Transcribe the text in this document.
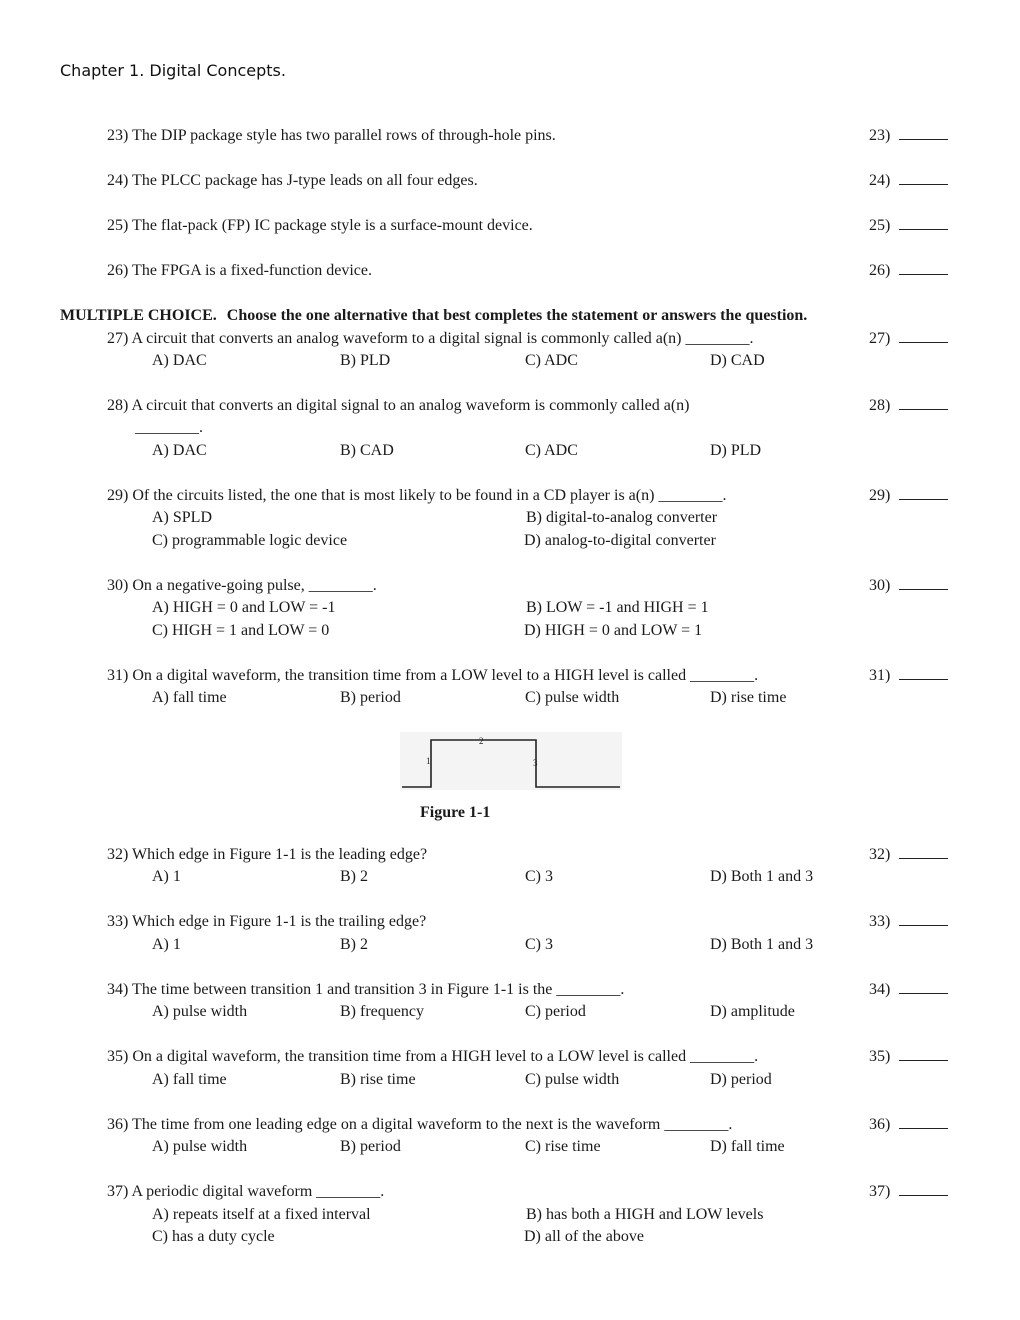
Chapter 1. Digital Concepts.
23) The DIP package style has two parallel rows of through-hole pins.	23)
24) The PLCC package has J-type leads on all four edges.	24)
25) The flat-pack (FP) IC package style is a surface-mount device.	25)
26) The FPGA is a fixed-function device.	26)
MULTIPLE CHOICE. Choose the one alternative that best completes the statement or answers the question.
27) A circuit that converts an analog waveform to a digital signal is commonly called a(n) ________.	27)
A) DAC	B) PLD	C) ADC	D) CAD
28) A circuit that converts an digital signal to an analog waveform is commonly called a(n)
________.
28)
A) DAC	B) CAD	C) ADC	D) PLD
29) Of the circuits listed, the one that is most likely to be found in a CD player is a(n) ________.	29)
A) SPLD	B) digital-to-analog converter
C) programmable logic device	D) analog-to-digital converter
30) On a negative-going pulse, ________.	30)
A) HIGH = 0 and LOW = -1	B) LOW = -1 and HIGH = 1
C) HIGH = 1 and LOW = 0	D) HIGH = 0 and LOW = 1
31) On a digital waveform, the transition time from a LOW level to a HIGH level is called ________.	31)
A) fall time	B) period	C) pulse width	D) rise time
2
1	3
Figure 1-1
32) Which edge in Figure 1-1 is the leading edge?	32)
A) 1	B) 2	C) 3	D) Both 1 and 3
33) Which edge in Figure 1-1 is the trailing edge?	33)
A) 1	B) 2	C) 3	D) Both 1 and 3
34) The time between transition 1 and transition 3 in Figure 1-1 is the ________.	34)
A) pulse width	B) frequency	C) period	D) amplitude
35) On a digital waveform, the transition time from a HIGH level to a LOW level is called ________.	35)
A) fall time	B) rise time	C) pulse width	D) period
36) The time from one leading edge on a digital waveform to the next is the waveform ________.	36)
A) pulse width	B) period	C) rise time	D) fall time
37) A periodic digital waveform ________.	37)
A) repeats itself at a fixed interval	B) has both a HIGH and LOW levels
C) has a duty cycle	D) all of the above
